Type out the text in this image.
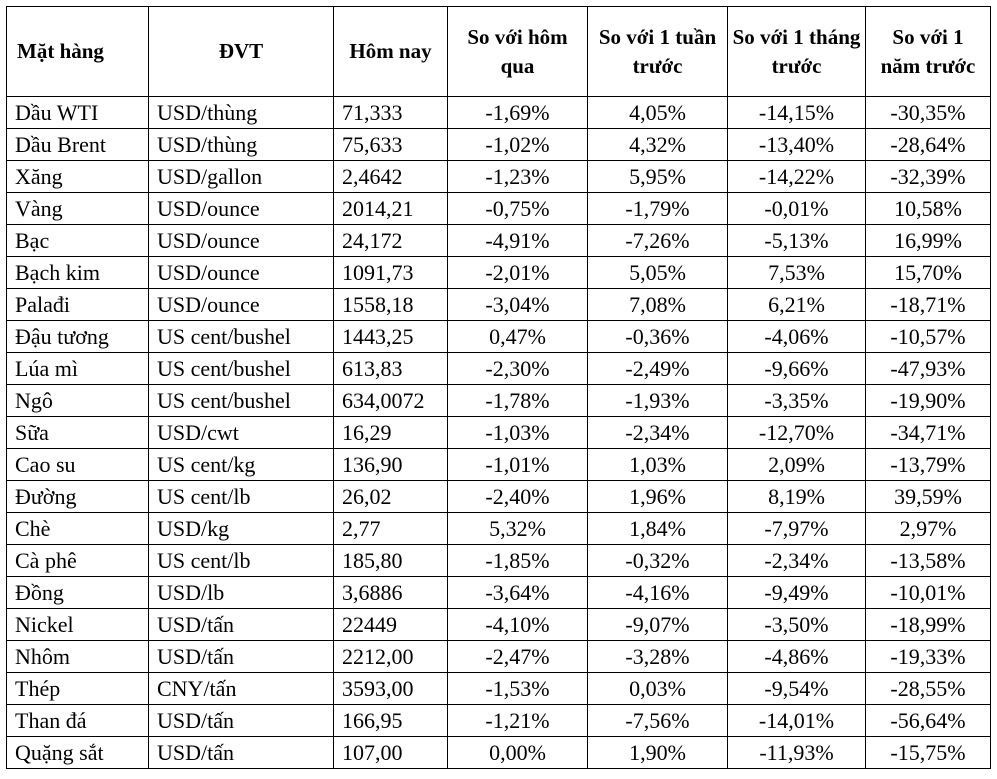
Mặt hàng	ĐVT	Hôm nay	So với hôm qua	So với 1 tuần trước	So với 1 tháng trước	So với 1 năm trước
Dầu WTI	USD/thùng	71,333	-1,69%	4,05%	-14,15%	-30,35%
Dầu Brent	USD/thùng	75,633	-1,02%	4,32%	-13,40%	-28,64%
Xăng	USD/gallon	2,4642	-1,23%	5,95%	-14,22%	-32,39%
Vàng	USD/ounce	2014,21	-0,75%	-1,79%	-0,01%	10,58%
Bạc	USD/ounce	24,172	-4,91%	-7,26%	-5,13%	16,99%
Bạch kim	USD/ounce	1091,73	-2,01%	5,05%	7,53%	15,70%
Palađi	USD/ounce	1558,18	-3,04%	7,08%	6,21%	-18,71%
Đậu tương	US cent/bushel	1443,25	0,47%	-0,36%	-4,06%	-10,57%
Lúa mì	US cent/bushel	613,83	-2,30%	-2,49%	-9,66%	-47,93%
Ngô	US cent/bushel	634,0072	-1,78%	-1,93%	-3,35%	-19,90%
Sữa	USD/cwt	16,29	-1,03%	-2,34%	-12,70%	-34,71%
Cao su	US cent/kg	136,90	-1,01%	1,03%	2,09%	-13,79%
Đường	US cent/lb	26,02	-2,40%	1,96%	8,19%	39,59%
Chè	USD/kg	2,77	5,32%	1,84%	-7,97%	2,97%
Cà phê	US cent/lb	185,80	-1,85%	-0,32%	-2,34%	-13,58%
Đồng	USD/lb	3,6886	-3,64%	-4,16%	-9,49%	-10,01%
Nickel	USD/tấn	22449	-4,10%	-9,07%	-3,50%	-18,99%
Nhôm	USD/tấn	2212,00	-2,47%	-3,28%	-4,86%	-19,33%
Thép	CNY/tấn	3593,00	-1,53%	0,03%	-9,54%	-28,55%
Than đá	USD/tấn	166,95	-1,21%	-7,56%	-14,01%	-56,64%
Quặng sắt	USD/tấn	107,00	0,00%	1,90%	-11,93%	-15,75%
